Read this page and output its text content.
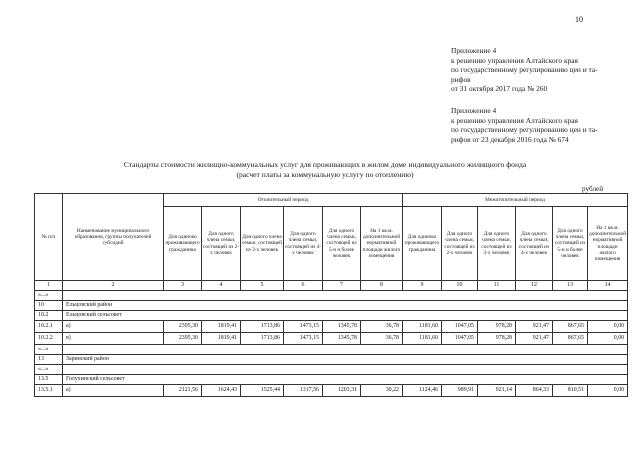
10
Приложение 4
к решению управления Алтайского края
по государственному регулированию цен и та-
рифов
от 31 октября 2017 года № 260
Приложение 4
к решению управления Алтайского края
по государственному регулированию цен и та-
рифов от 23 декабря 2016 года № 674
Стандарты стоимости жилищно-коммунальных услуг для проживающих в жилом доме индивидуального жилищного фонда
(расчет платы за коммунальную услугу по отоплению)
рублей
№ п/п	Наименование муниципального образования, группы получателей субсидий	Отопительный период						Межотопительный период					
		Для одиноко проживающего гражданина	Для одного члена семьи, состоящей из 2-х человек	Для одного члена семьи, состоящей из 3-х человек	Для одного члена семьи, состоящей из 4-х человек	Для одного члена семьи, состоящей из 5-и и более человек	На 1 кв.м. дополнительной нормативной площади жилого помещения	Для одиноко проживающего гражданина	Для одного члена семьи, состоящей из 2-х человек	Для одного члена семьи, состоящей из 3-х человек	Для одного члена семьи, состоящей из 4-х человек	Для одного члена семьи, состоящей из 5-и и более человек	На 1 кв.м. дополнительной нормативной площади жилого помещения
1	2	3	4	5	6	7	8	9	10	11	12	13	14
«...»													
10	Ельцовский район												
10.2	Ельцовский сельсовет												
10.2.1	а)	2395,30	1819,41	1713,86	1473,15	1345,78	36,78	1181,60	1047,05	978,28	921,47	867,65	0,00
10.2.2	в)	2395,30	1819,41	1713,86	1473,15	1345,78	36,78	1181,60	1047,05	978,28	921,47	867,65	0,00
«...»													
13	Заринский район												
«...»													
13.5	Голухинский сельсовет												
13.5.1	а)	2121,56	1624,43	1525,44	1317,56	1203,31	30,22	1124,46	989,91	921,14	864,33	810,51	0,00
